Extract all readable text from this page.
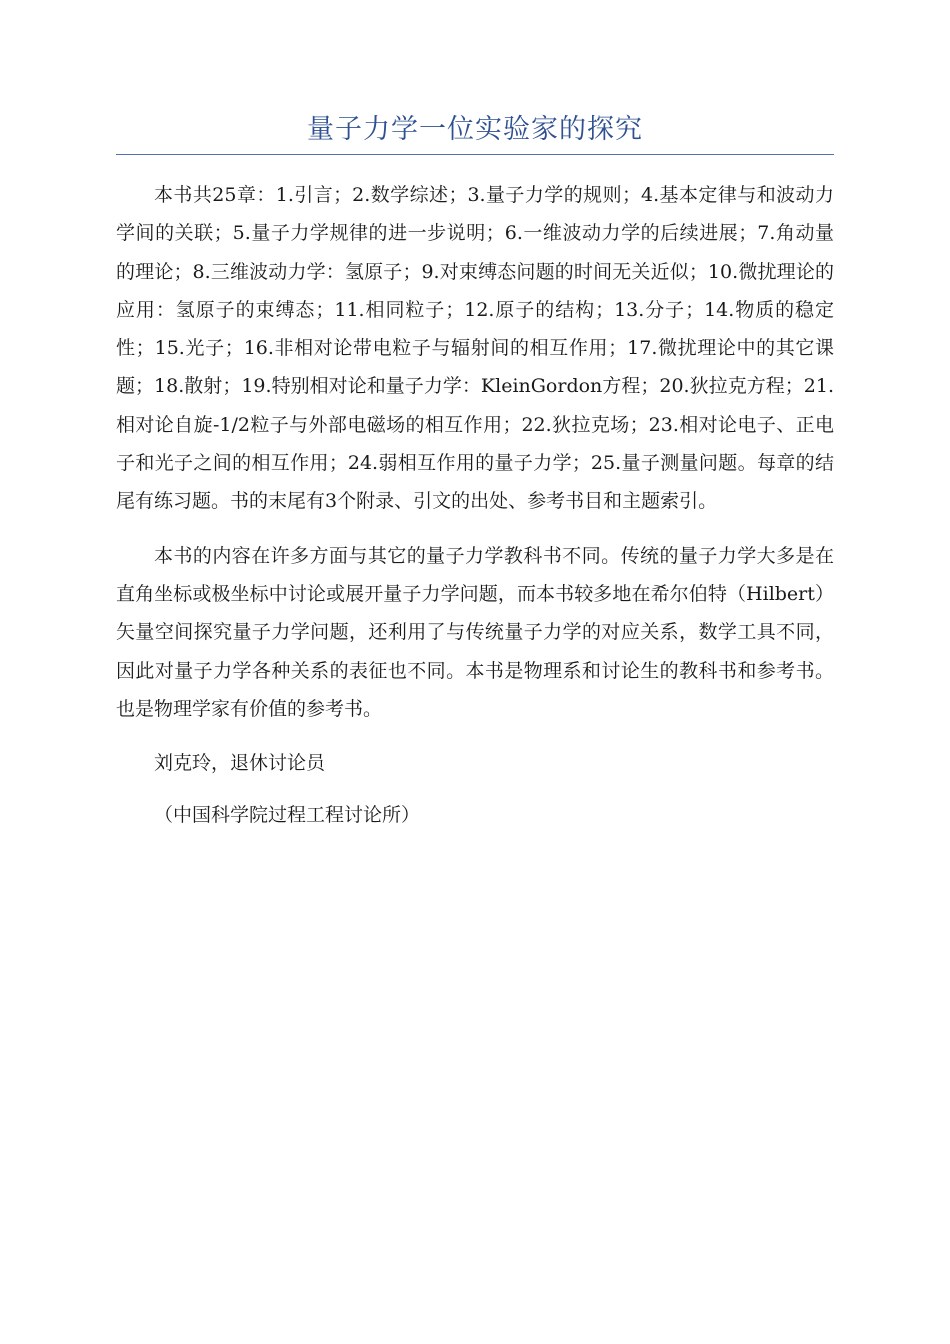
量子力学一位实验家的探究

本书共25章：1.引言；2.数学综述；3.量子力学的规则；4.基本定律与和波动力学间的关联；5.量子力学规律的进一步说明；6.一维波动力学的后续进展；7.角动量的理论；8.三维波动力学：氢原子；9.对束缚态问题的时间无关近似；10.微扰理论的应用：氢原子的束缚态；11.相同粒子；12.原子的结构；13.分子；14.物质的稳定性；15.光子；16.非相对论带电粒子与辐射间的相互作用；17.微扰理论中的其它课题；18.散射；19.特别相对论和量子力学：KleinGordon方程；20.狄拉克方程；21.相对论自旋-1/2粒子与外部电磁场的相互作用；22.狄拉克场；23.相对论电子、正电子和光子之间的相互作用；24.弱相互作用的量子力学；25.量子测量问题。每章的结尾有练习题。书的末尾有3个附录、引文的出处、参考书目和主题索引。

本书的内容在许多方面与其它的量子力学教科书不同。传统的量子力学大多是在直角坐标或极坐标中讨论或展开量子力学问题，而本书较多地在希尔伯特（Hilbert）矢量空间探究量子力学问题，还利用了与传统量子力学的对应关系，数学工具不同，因此对量子力学各种关系的表征也不同。本书是物理系和讨论生的教科书和参考书。也是物理学家有价值的参考书。

刘克玲，退休讨论员

（中国科学院过程工程讨论所）
